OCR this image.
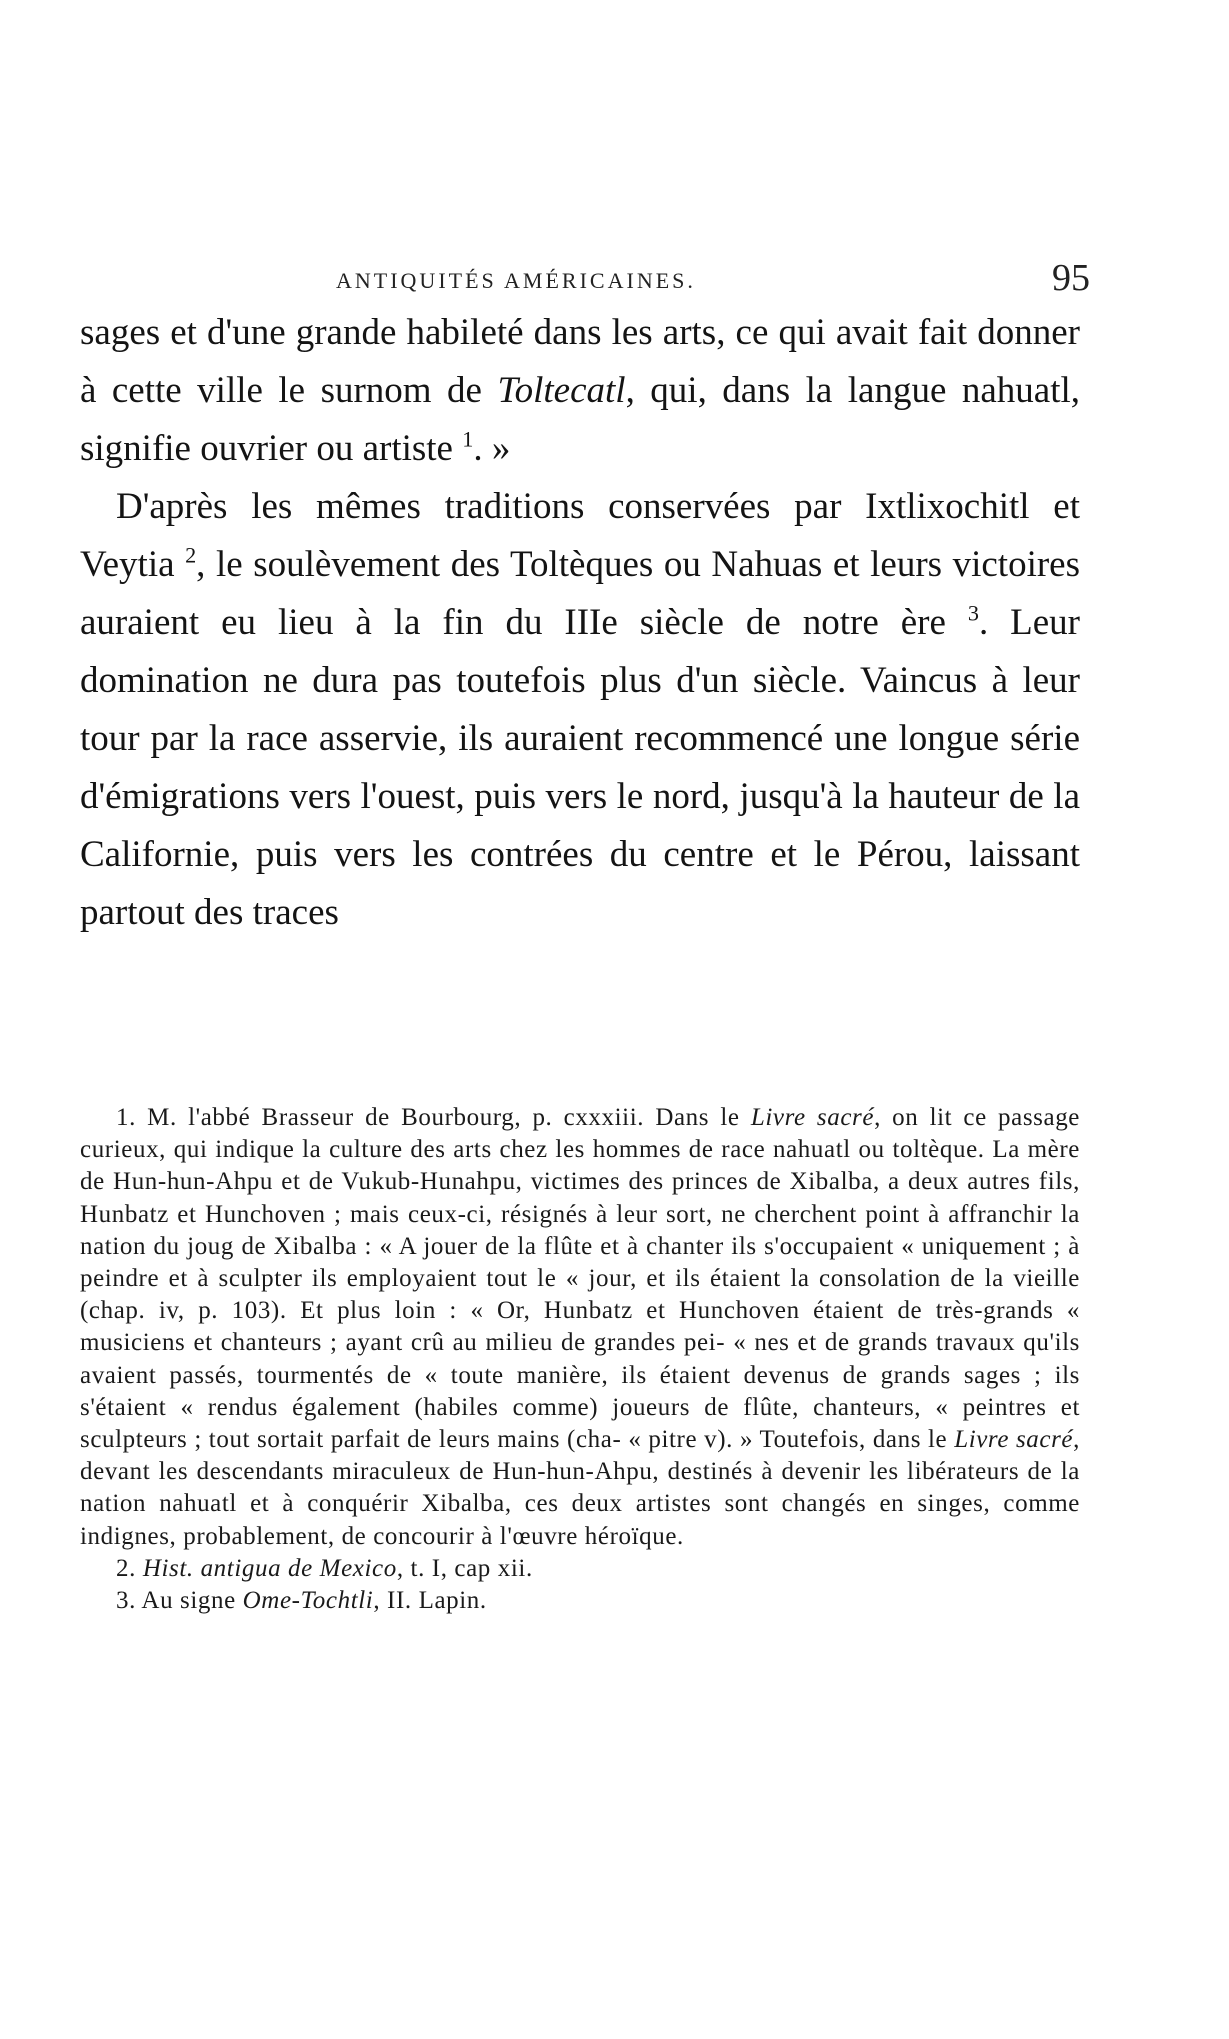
ANTIQUITÉS AMÉRICAINES.	95

sages et d'une grande habileté dans les arts, ce qui avait fait donner à cette ville le surnom de Toltecatl, qui, dans la langue nahuatl, signifie ouvrier ou artiste $^1$. »

D'après les mêmes traditions conservées par Ixtlixochitl et Veytia $^2$, le soulèvement des Toltèques ou Nahuas et leurs victoires auraient eu lieu à la fin du IIIe siècle de notre ère $^3$. Leur domination ne dura pas toutefois plus d'un siècle. Vaincus à leur tour par la race asservie, ils auraient recommencé une longue série d'émigrations vers l'ouest, puis vers le nord, jusqu'à la hauteur de la Californie, puis vers les contrées du centre et le Pérou, laissant partout des traces

1. M. l'abbé Brasseur de Bourbourg, p. cxxxiii. Dans le Livre sacré, on lit ce passage curieux, qui indique la culture des arts chez les hommes de race nahuatl ou toltèque. La mère de Hun-hun-Ahpu et de Vukub-Hunahpu, victimes des princes de Xibalba, a deux autres fils, Hunbatz et Hunchoven ; mais ceux-ci, résignés à leur sort, ne cherchent point à affranchir la nation du joug de Xibalba : « A jouer de la flûte et à chanter ils s'occupaient « uniquement ; à peindre et à sculpter ils employaient tout le « jour, et ils étaient la consolation de la vieille (chap. iv, p. 103). Et plus loin : « Or, Hunbatz et Hunchoven étaient de très-grands « musiciens et chanteurs ; ayant crû au milieu de grandes pei- « nes et de grands travaux qu'ils avaient passés, tourmentés de « toute manière, ils étaient devenus de grands sages ; ils s'étaient « rendus également (habiles comme) joueurs de flûte, chanteurs, « peintres et sculpteurs ; tout sortait parfait de leurs mains (cha- « pitre v). » Toutefois, dans le Livre sacré, devant les descendants miraculeux de Hun-hun-Ahpu, destinés à devenir les libérateurs de la nation nahuatl et à conquérir Xibalba, ces deux artistes sont changés en singes, comme indignes, probablement, de concourir à l'œuvre héroïque.

2. Hist. antigua de Mexico, t. I, cap xii.

3. Au signe Ome-Tochtli, II. Lapin.
